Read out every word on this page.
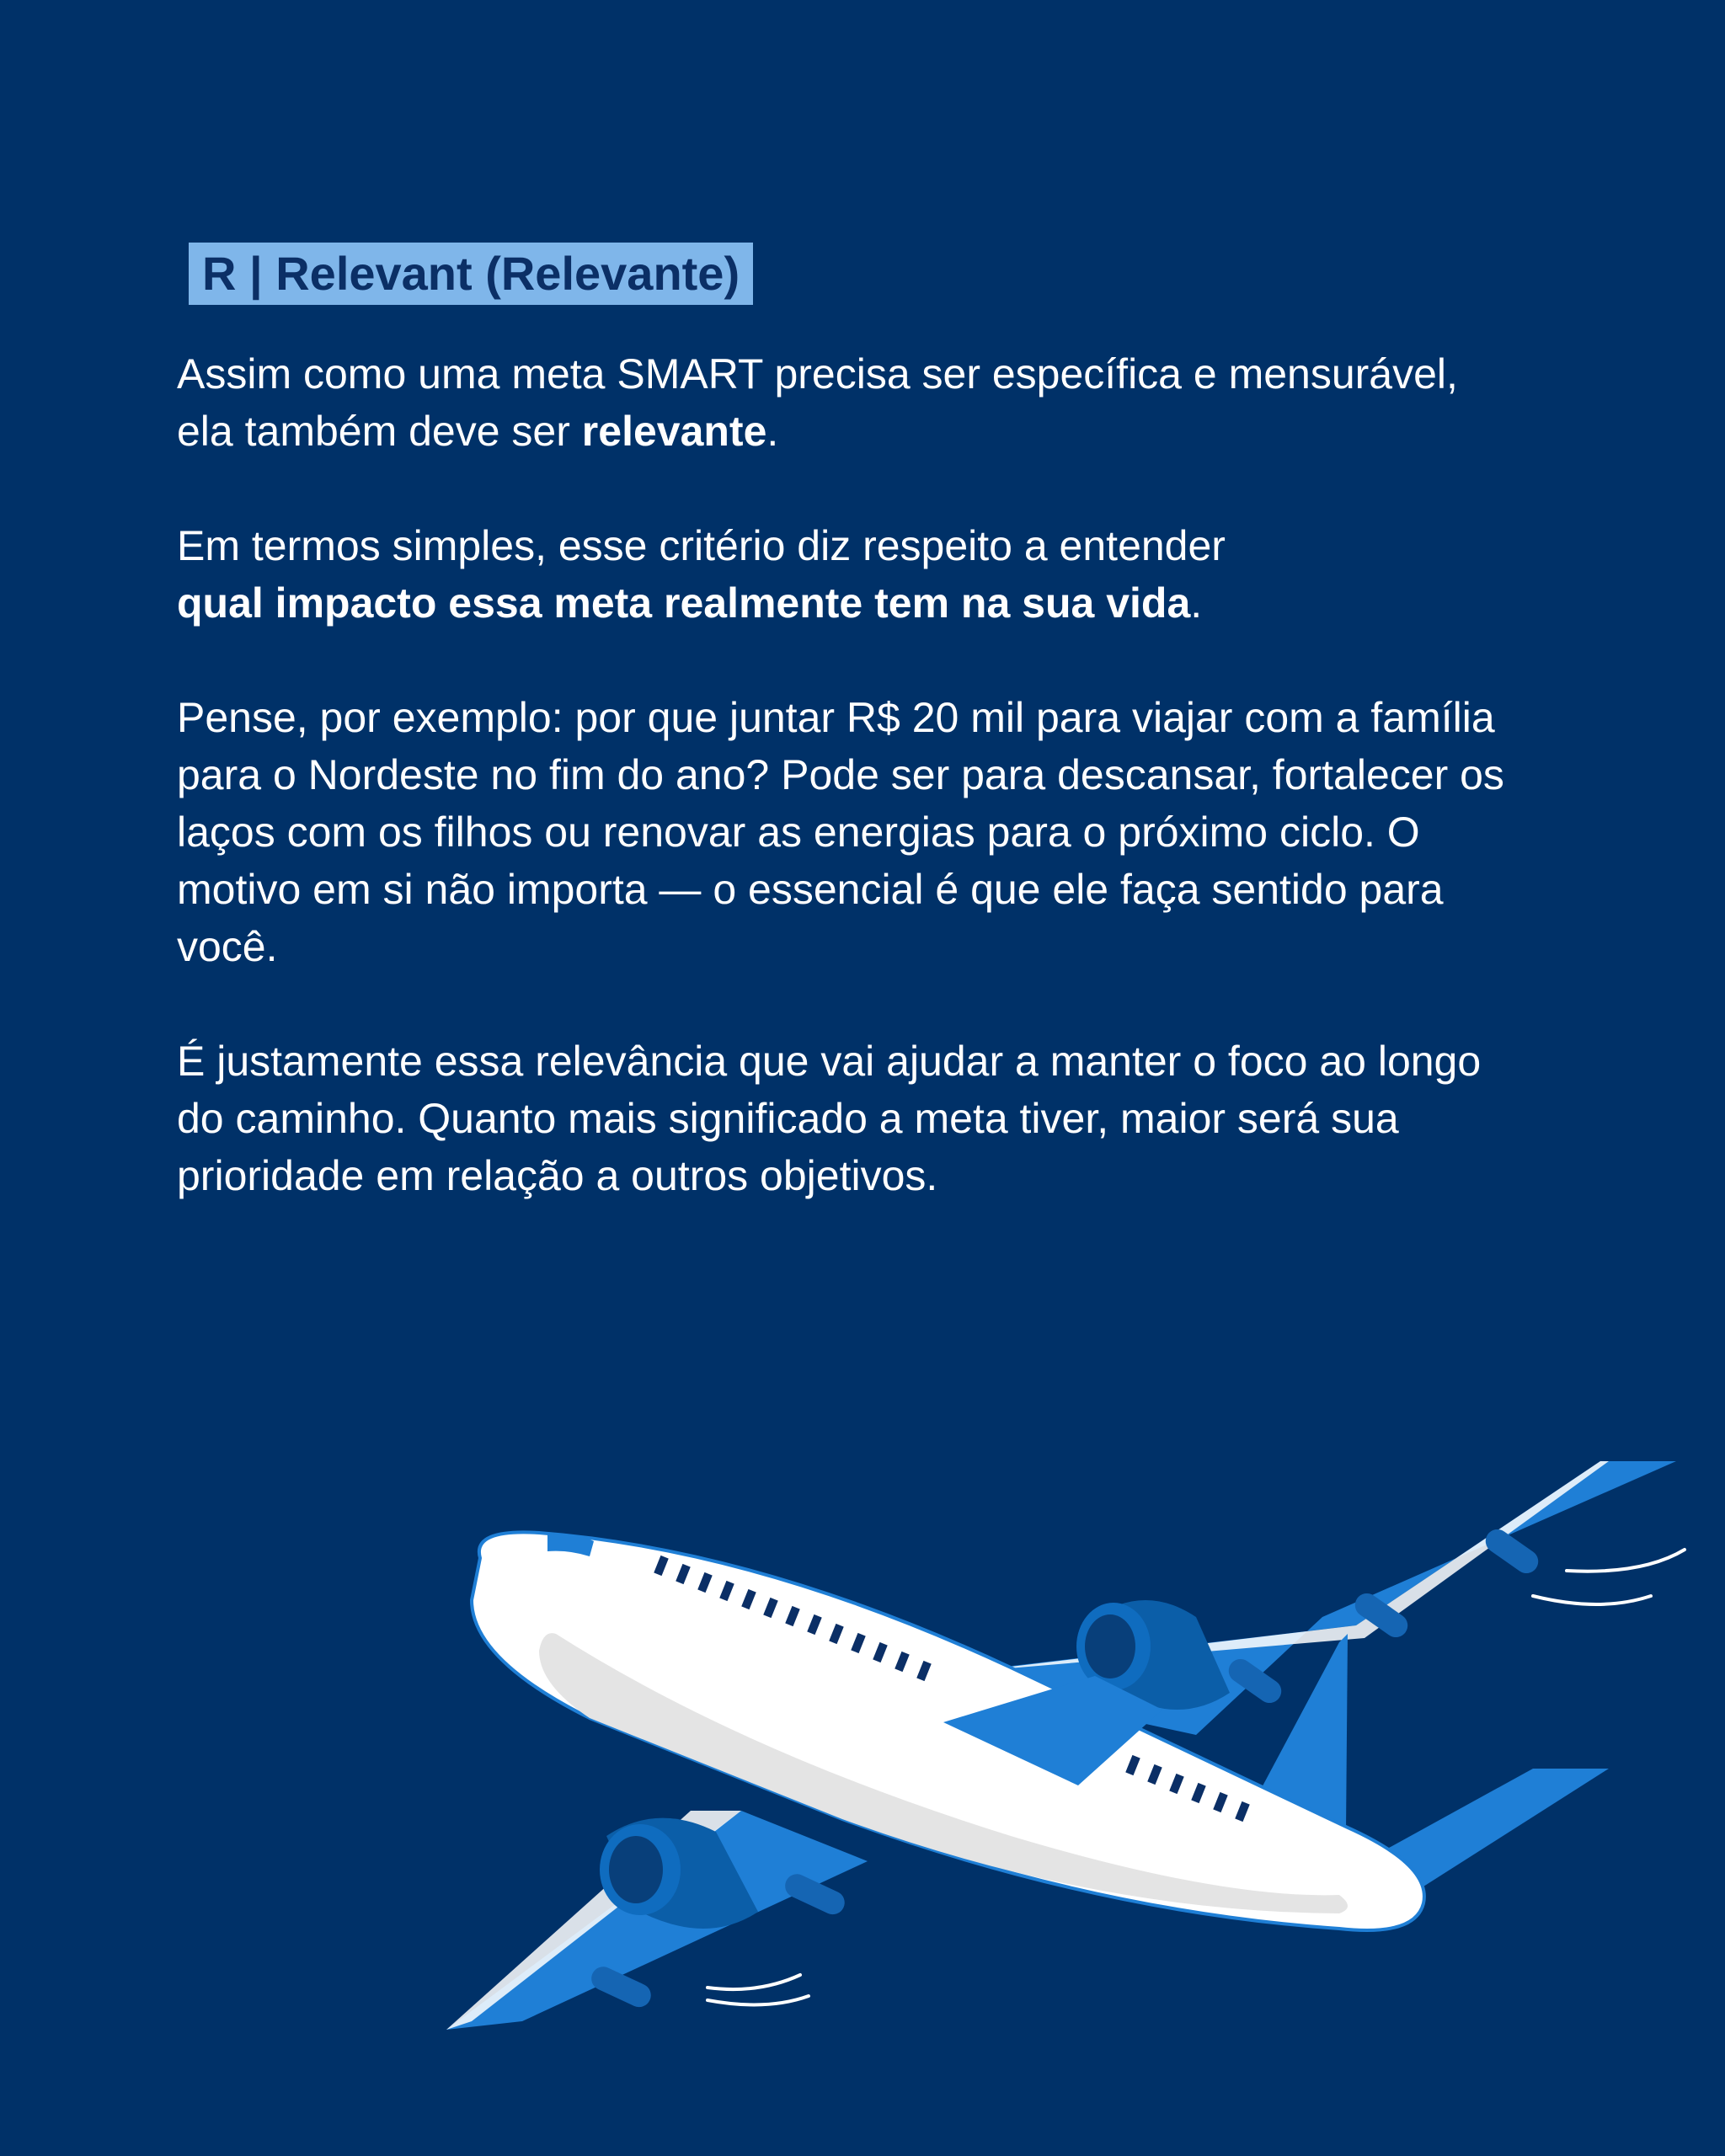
R | Relevant (Relevante)

Assim como uma meta SMART precisa ser específica e mensurável, ela também deve ser relevante.

Em termos simples, esse critério diz respeito a entender
qual impacto essa meta realmente tem na sua vida.

Pense, por exemplo: por que juntar R$ 20 mil para viajar com a família para o Nordeste no fim do ano? Pode ser para descansar, fortalecer os laços com os filhos ou renovar as energias para o próximo ciclo. O motivo em si não importa — o essencial é que ele faça sentido para você.

É justamente essa relevância que vai ajudar a manter o foco ao longo do caminho. Quanto mais significado a meta tiver, maior será sua prioridade em relação a outros objetivos.
